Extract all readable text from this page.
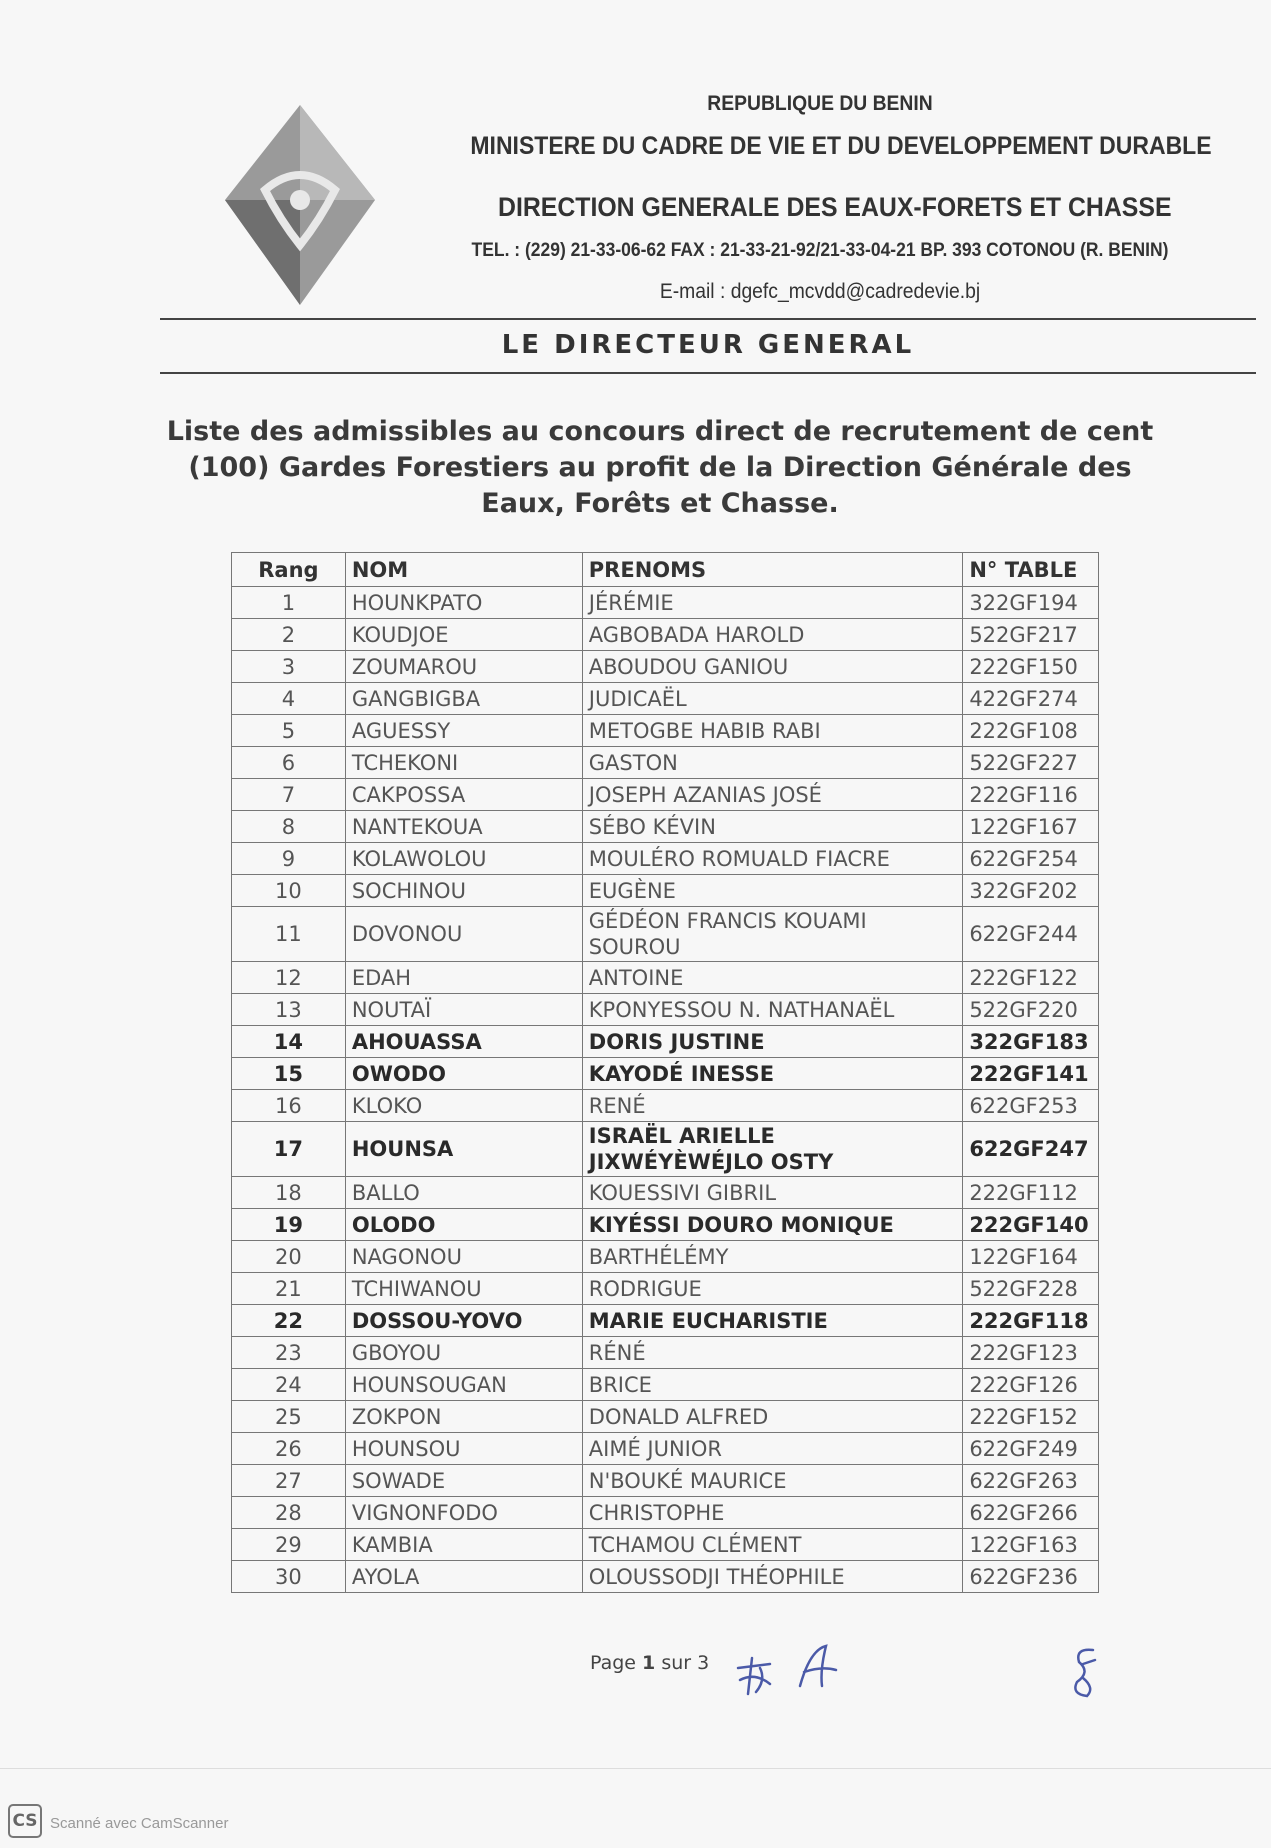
REPUBLIQUE DU BENIN
MINISTERE DU CADRE DE VIE ET DU DEVELOPPEMENT DURABLE
DIRECTION GENERALE DES EAUX-FORETS ET CHASSE
TEL. : (229) 21-33-06-62 FAX : 21-33-21-92/21-33-04-21 BP. 393 COTONOU (R. BENIN)
E-mail : dgefc_mcvdd@cadredevie.bj
LE DIRECTEUR GENERAL
Liste des admissibles au concours direct de recrutement de cent
(100) Gardes Forestiers au profit de la Direction Générale des
Eaux, Forêts et Chasse.
Rang	NOM	PRENOMS	N° TABLE
1	HOUNKPATO	JÉRÉMIE	322GF194
2	KOUDJOE	AGBOBADA HAROLD	522GF217
3	ZOUMAROU	ABOUDOU GANIOU	222GF150
4	GANGBIGBA	JUDICAËL	422GF274
5	AGUESSY	METOGBE HABIB RABI	222GF108
6	TCHEKONI	GASTON	522GF227
7	CAKPOSSA	JOSEPH AZANIAS JOSÉ	222GF116
8	NANTEKOUA	SÉBO KÉVIN	122GF167
9	KOLAWOLOU	MOULÉRO ROMUALD FIACRE	622GF254
10	SOCHINOU	EUGÈNE	322GF202
11	DOVONOU	GÉDÉON FRANCIS KOUAMI SOUROU	622GF244
12	EDAH	ANTOINE	222GF122
13	NOUTAÏ	KPONYESSOU N. NATHANAËL	522GF220
14	AHOUASSA	DORIS JUSTINE	322GF183
15	OWODO	KAYODÉ INESSE	222GF141
16	KLOKO	RENÉ	622GF253
17	HOUNSA	ISRAËL ARIELLE JIXWÉYÈWÉJLO OSTY	622GF247
18	BALLO	KOUESSIVI GIBRIL	222GF112
19	OLODO	KIYÉSSI DOURO MONIQUE	222GF140
20	NAGONOU	BARTHÉLÉMY	122GF164
21	TCHIWANOU	RODRIGUE	522GF228
22	DOSSOU-YOVO	MARIE EUCHARISTIE	222GF118
23	GBOYOU	RÉNÉ	222GF123
24	HOUNSOUGAN	BRICE	222GF126
25	ZOKPON	DONALD ALFRED	222GF152
26	HOUNSOU	AIMÉ JUNIOR	622GF249
27	SOWADE	N'BOUKÉ MAURICE	622GF263
28	VIGNONFODO	CHRISTOPHE	622GF266
29	KAMBIA	TCHAMOU CLÉMENT	122GF163
30	AYOLA	OLOUSSODJI THÉOPHILE	622GF236
Page 1 sur 3
CS Scanné avec CamScanner
